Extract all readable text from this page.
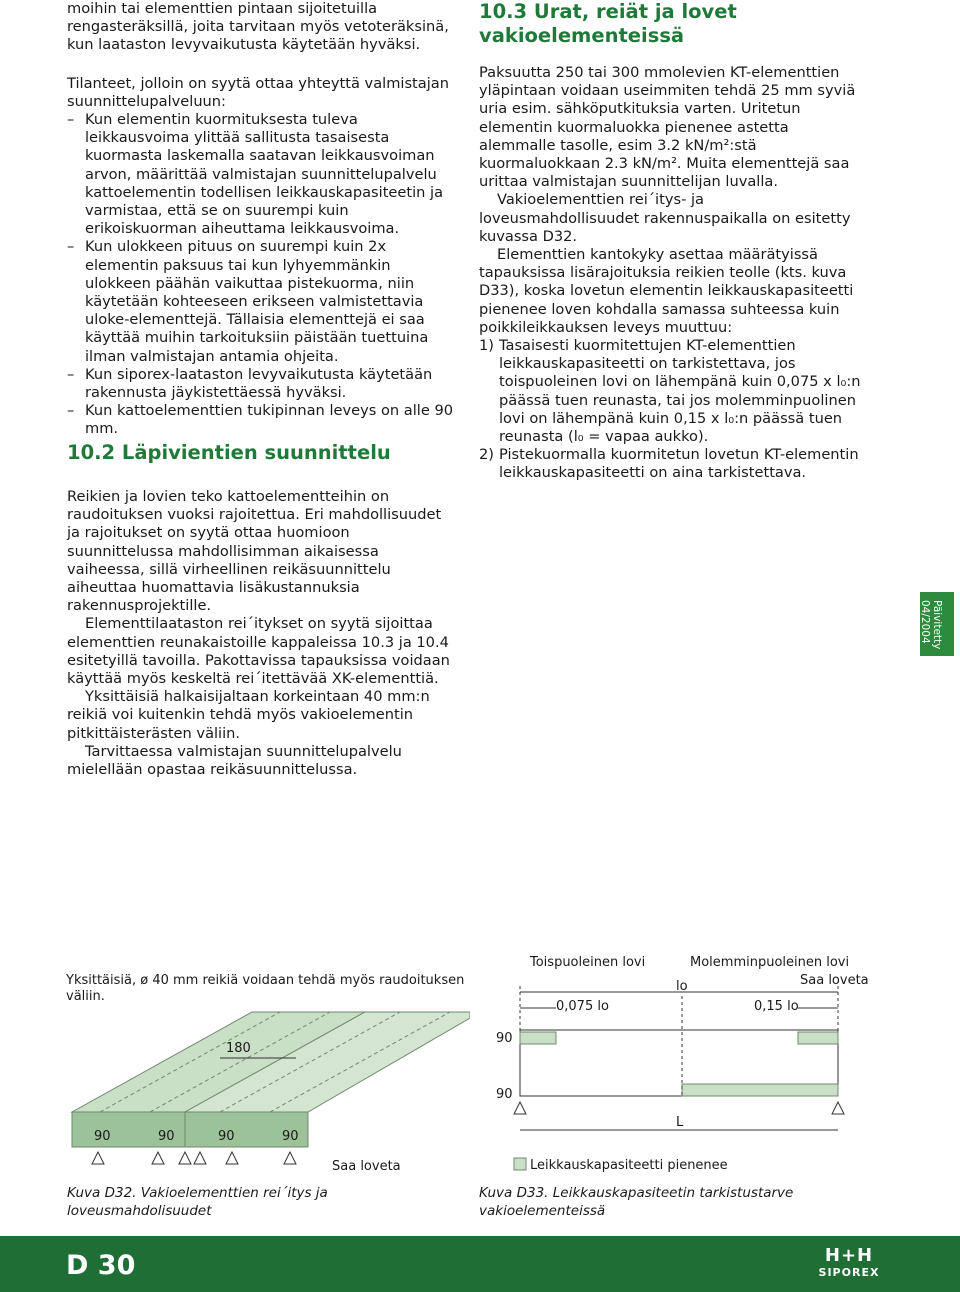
moihin tai elementtien pintaan sijoitetuilla rengasteräksillä, joita tarvitaan myös vetoteräksinä, kun laataston levyvaikutusta käytetään hyväksi.

Tilanteet, jolloin on syytä ottaa yhteyttä valmistajan suunnittelupalveluun:

– Kun elementin kuormituksesta tuleva leikkausvoima ylittää sallitusta tasaisesta kuormasta laskemalla saatavan leikkausvoiman arvon, määrittää valmistajan suunnittelupalvelu kattoelementin todellisen leikkauskapasiteetin ja varmistaa, että se on suurempi kuin erikoiskuorman aiheuttama leikkausvoima.
– Kun ulokkeen pituus on suurempi kuin 2x elementin paksuus tai kun lyhyemmänkin ulokkeen päähän vaikuttaa pistekuorma, niin käytetään kohteeseen erikseen valmistettavia uloke-elementtejä. Tällaisia elementtejä ei saa käyttää muihin tarkoituksiin päistään tuettuina ilman valmistajan antamia ohjeita.
– Kun siporex-laataston levyvaikutusta käytetään rakennusta jäykistettäessä hyväksi.
– Kun kattoelementtien tukipinnan leveys on alle 90 mm.
10.2 Läpivientien suunnittelu

Reikien ja lovien teko kattoelementteihin on raudoituksen vuoksi rajoitettua. Eri mahdollisuudet ja rajoitukset on syytä ottaa huomioon suunnittelussa mahdollisimman aikaisessa vaiheessa, sillä virheellinen reikäsuunnittelu aiheuttaa huomattavia lisäkustannuksia rakennusprojektille.

Elementtilaataston rei´itykset on syytä sijoittaa elementtien reunakaistoille kappaleissa 10.3 ja 10.4 esitetyillä tavoilla. Pakottavissa tapauksissa voidaan käyttää myös keskeltä rei´itettävää XK-elementtiä.

Yksittäisiä halkaisijaltaan korkeintaan 40 mm:n reikiä voi kuitenkin tehdä myös vakioelementin pitkittäisterästen väliin.

Tarvittaessa valmistajan suunnittelupalvelu mielellään opastaa reikäsuunnittelussa.

10.3 Urat, reiät ja lovet vakioelementeissä

Paksuutta 250 tai 300 mmolevien KT-elementtien yläpintaan voidaan useimmiten tehdä 25 mm syviä uria esim. sähköputkituksia varten. Uritetun elementin kuormaluokka pienenee astetta alemmalle tasolle, esim 3.2 kN/m²:stä kuormaluokkaan 2.3 kN/m². Muita elementtejä saa urittaa valmistajan suunnittelijan luvalla.

Vakioelementtien rei´itys- ja loveusmahdollisuudet rakennuspaikalla on esitetty kuvassa D32.

Elementtien kantokyky asettaa määrätyissä tapauksissa lisärajoituksia reikien teolle (kts. kuva D33), koska lovetun elementin leikkauskapasiteetti pienenee loven kohdalla samassa suhteessa kuin poikkileikkauksen leveys muuttuu:

1) Tasaisesti kuormitettujen KT-elementtien leikkauskapasiteetti on tarkistettava, jos toispuoleinen lovi on lähempänä kuin 0,075 x l₀:n päässä tuen reunasta, tai jos molemminpuolinen lovi on lähempänä kuin 0,15 x l₀:n päässä tuen reunasta (l₀ = vapaa aukko).
2) Pistekuormalla kuormitetun lovetun KT-elementin leikkauskapasiteetti on aina tarkistettava.
Päivitetty
04/2004
Yksittäisiä, ø 40 mm reikiä voidaan tehdä myös raudoituksen väliin.
180
90	90	90	90
Saa loveta
Kuva D32. Vakioelementtien rei´itys ja loveusmahdolisuudet
Toispuoleinen lovi	Molemminpuoleinen lovi
Saa loveta
lo
0,075 lo	0,15 lo
90
90
L
Leikkauskapasiteetti pienenee
Kuva D33. Leikkauskapasiteetin tarkistustarve vakioelementeissä
D 30	H+H
SIPOREX
